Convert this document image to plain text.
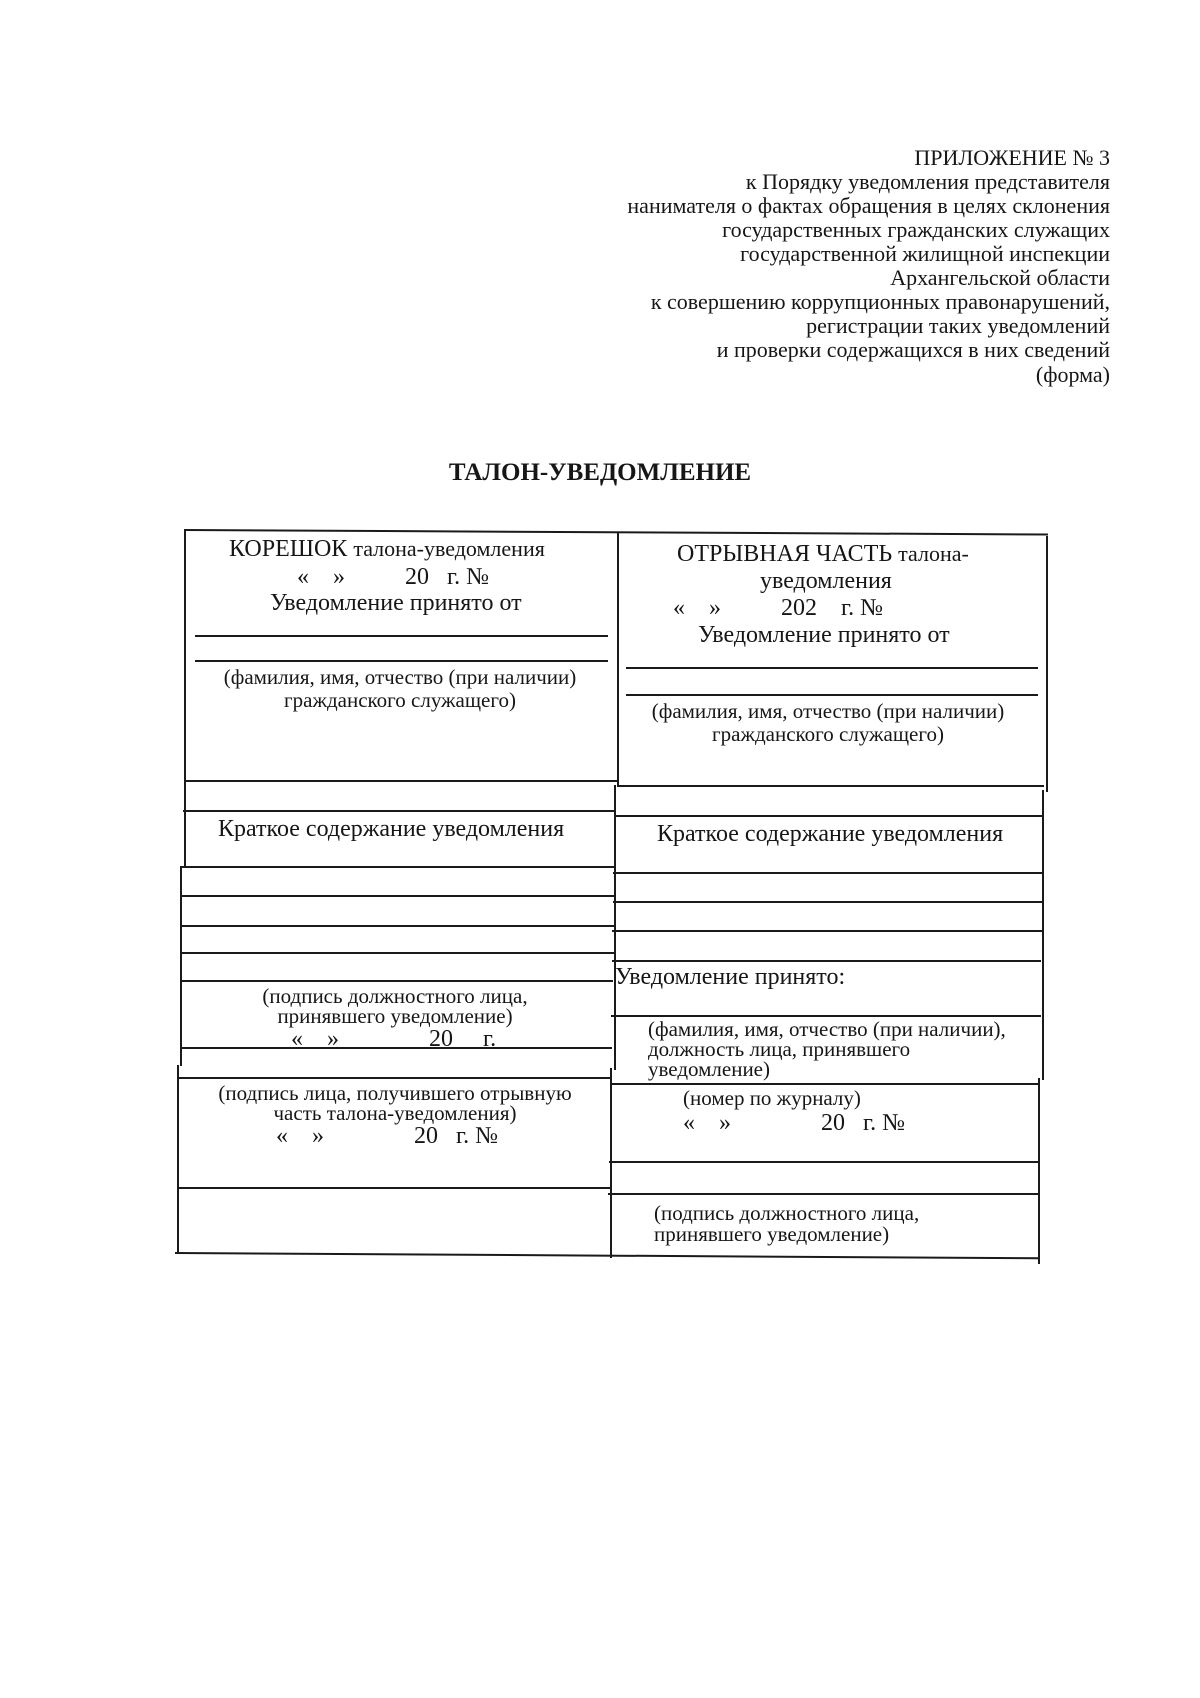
ПРИЛОЖЕНИЕ № 3
к Порядку уведомления представителя
нанимателя о фактах обращения в целях склонения
государственных гражданских служащих
государственной жилищной инспекции
Архангельской области
к совершению коррупционных правонарушений,
регистрации таких уведомлений
и проверки содержащихся в них сведений
(форма)
ТАЛОН-УВЕДОМЛЕНИЕ
КОРЕШОК талона-уведомления
«    »          20   г. №
Уведомление принято от
(фамилия, имя, отчество (при наличии)
гражданского служащего)
Краткое содержание уведомления
(подпись должностного лица,
принявшего уведомление)
«    »               20     г.
(подпись лица, получившего отрывную
часть талона-уведомления)
«    »               20   г. №
ОТРЫВНАЯ ЧАСТЬ талона-
уведомления
«    »          202    г. №
Уведомление принято от
(фамилия, имя, отчество (при наличии)
гражданского служащего)
Краткое содержание уведомления
Уведомление принято:
(фамилия, имя, отчество (при наличии),
должность лица, принявшего
уведомление)
(номер по журналу)
«    »               20   г. №
(подпись должностного лица,
принявшего уведомление)
